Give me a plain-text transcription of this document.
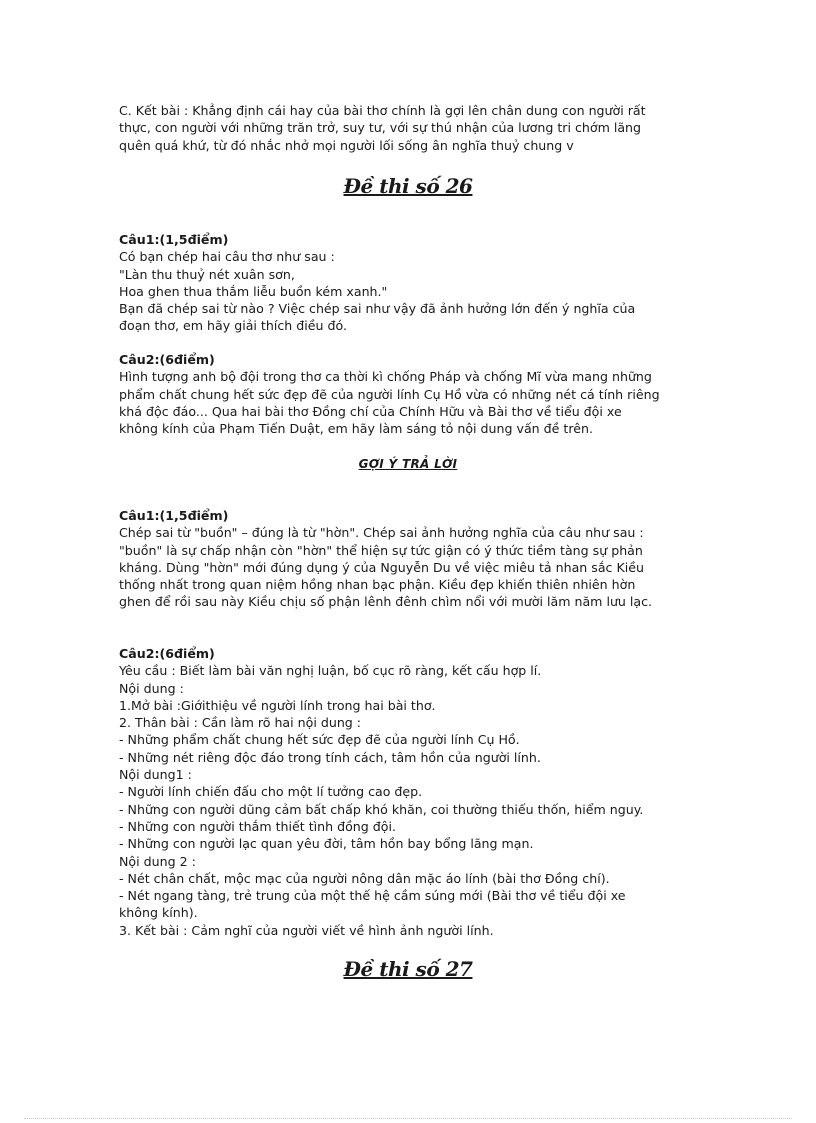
C. Kết bài : Khẳng định cái hay của bài thơ chính là gợi lên chân dung con người rất
thực, con người với những trăn trở, suy tư, với sự thú nhận của lương tri chớm lãng
quên quá khứ, từ đó nhắc nhở mọi người lối sống ân nghĩa thuỷ chung v
Đề thi số 26
Câu1:(1,5điểm)
Có bạn chép hai câu thơ như sau :
"Làn thu thuỷ nét xuân sơn,
Hoa ghen thua thắm liễu buồn kém xanh."
Bạn đã chép sai từ nào ? Việc chép sai như vậy đã ảnh hưởng lớn đến ý nghĩa của
đoạn thơ, em hãy giải thích điều đó.
Câu2:(6điểm)
Hình tượng anh bộ đội trong thơ ca thời kì chống Pháp và chống Mĩ vừa mang những
phẩm chất chung hết sức đẹp đẽ của người lính Cụ Hồ vừa có những nét cá tính riêng
khá độc đáo... Qua hai bài thơ Đồng chí của Chính Hữu và Bài thơ về tiểu đội xe
không kính của Phạm Tiến Duật, em hãy làm sáng tỏ nội dung vấn đề trên.
GỢI Ý TRẢ LỜI
Câu1:(1,5điểm)
Chép sai từ "buồn" – đúng là từ "hờn". Chép sai ảnh hưởng nghĩa của câu như sau :
"buồn" là sự chấp nhận còn "hờn" thể hiện sự tức giận có ý thức tiềm tàng sự phản
kháng. Dùng "hờn" mới đúng dụng ý của Nguyễn Du về việc miêu tả nhan sắc Kiều
thống nhất trong quan niệm hồng nhan bạc phận. Kiều đẹp khiến thiên nhiên hờn
ghen để rồi sau này Kiều chịu số phận lênh đênh chìm nổi với mười lăm năm lưu lạc.
Câu2:(6điểm)
Yêu cầu : Biết làm bài văn nghị luận, bố cục rõ ràng, kết cấu hợp lí.
Nội dung :
1.Mở bài :Giớithiệu về người lính trong hai bài thơ.
2. Thân bài : Cần làm rõ hai nội dung :
- Những phẩm chất chung hết sức đẹp đẽ của người lính Cụ Hồ.
- Những nét riêng độc đáo trong tính cách, tâm hồn của người lính.
Nội dung1 :
- Người lính chiến đấu cho một lí tưởng cao đẹp.
- Những con người dũng cảm bất chấp khó khăn, coi thường thiếu thốn, hiểm nguy.
- Những con người thắm thiết tình đồng đội.
- Những con người lạc quan yêu đời, tâm hồn bay bổng lãng mạn.
Nội dung 2 :
- Nét chân chất, mộc mạc của người nông dân mặc áo lính (bài thơ Đồng chí).
- Nét ngang tàng, trẻ trung của một thế hệ cầm súng mới (Bài thơ về tiểu đội xe
không kính).
3. Kết bài : Cảm nghĩ của người viết về hình ảnh người lính.
Đề thi số 27
